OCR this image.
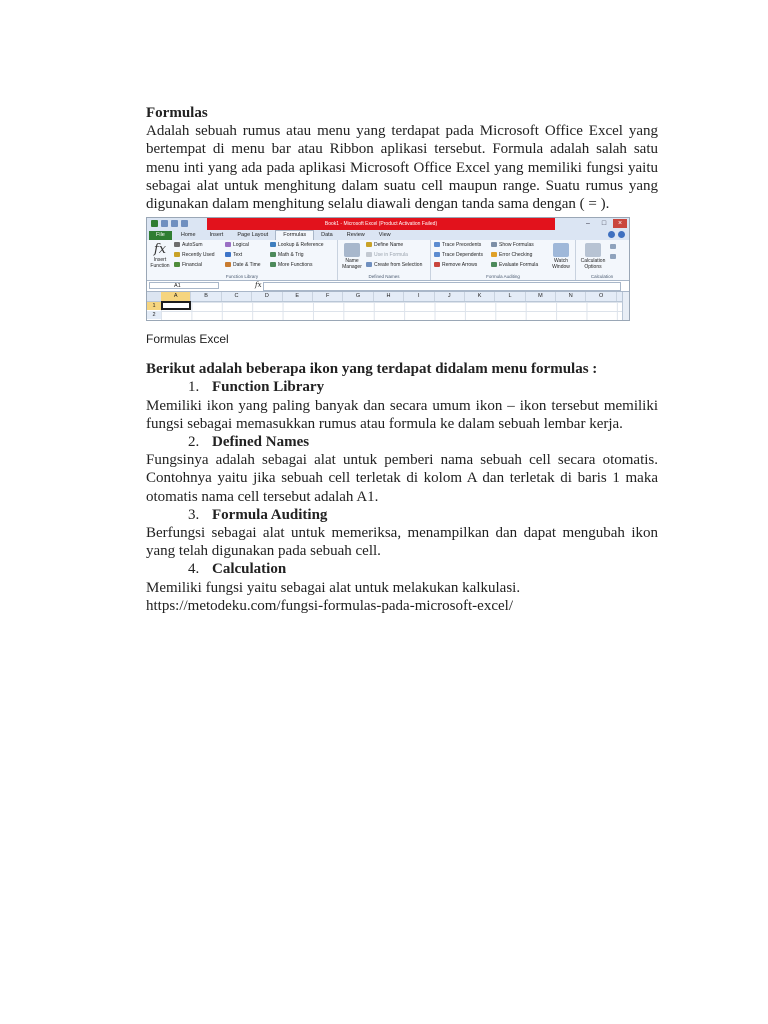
Formulas

Adalah sebuah rumus atau menu yang terdapat pada Microsoft Office Excel yang bertempat di menu bar atau Ribbon aplikasi tersebut. Formula adalah salah satu menu inti yang ada pada aplikasi Microsoft Office Excel yang memiliki fungsi yaitu sebagai alat untuk menghitung dalam suatu cell maupun range. Suatu rumus yang digunakan dalam menghitung selalu diawali dengan tanda sama dengan ( = ).

Book1 - Microsoft Excel (Product Activation Failed)	–	□	×
File	Home	Insert	Page Layout	Formulas	Data	Review	View
fx
Insert Function
AutoSum
Recently Used
Financial
Logical
Text
Date & Time
Lookup & Reference
Math & Trig
More Functions
Function Library
Name Manager
Define Name
Use in Formula
Create from Selection
Defined Names
Trace Precedents
Trace Dependents
Remove Arrows
Show Formulas
Error Checking
Evaluate Formula
Watch Window
Formula Auditing
Calculation Options
Calculation
A1	fx
A	B	C	D	E	F	G	H	I	J	K	L	M	N	O
1
2

Formulas Excel

Berikut adalah beberapa ikon yang terdapat didalam menu formulas :

1. Function Library

Memiliki ikon yang paling banyak dan secara umum ikon – ikon tersebut memiliki fungsi sebagai memasukkan rumus atau formula ke dalam sebuah lembar kerja.

2. Defined Names

Fungsinya adalah sebagai alat untuk pemberi nama sebuah cell secara otomatis. Contohnya yaitu jika sebuah cell terletak di kolom A dan terletak di baris 1 maka otomatis nama cell tersebut adalah A1.

3. Formula Auditing

Berfungsi sebagai alat untuk memeriksa, menampilkan dan dapat mengubah ikon yang telah digunakan pada sebuah cell.

4. Calculation

Memiliki fungsi yaitu sebagai alat untuk melakukan kalkulasi.

https://metodeku.com/fungsi-formulas-pada-microsoft-excel/
